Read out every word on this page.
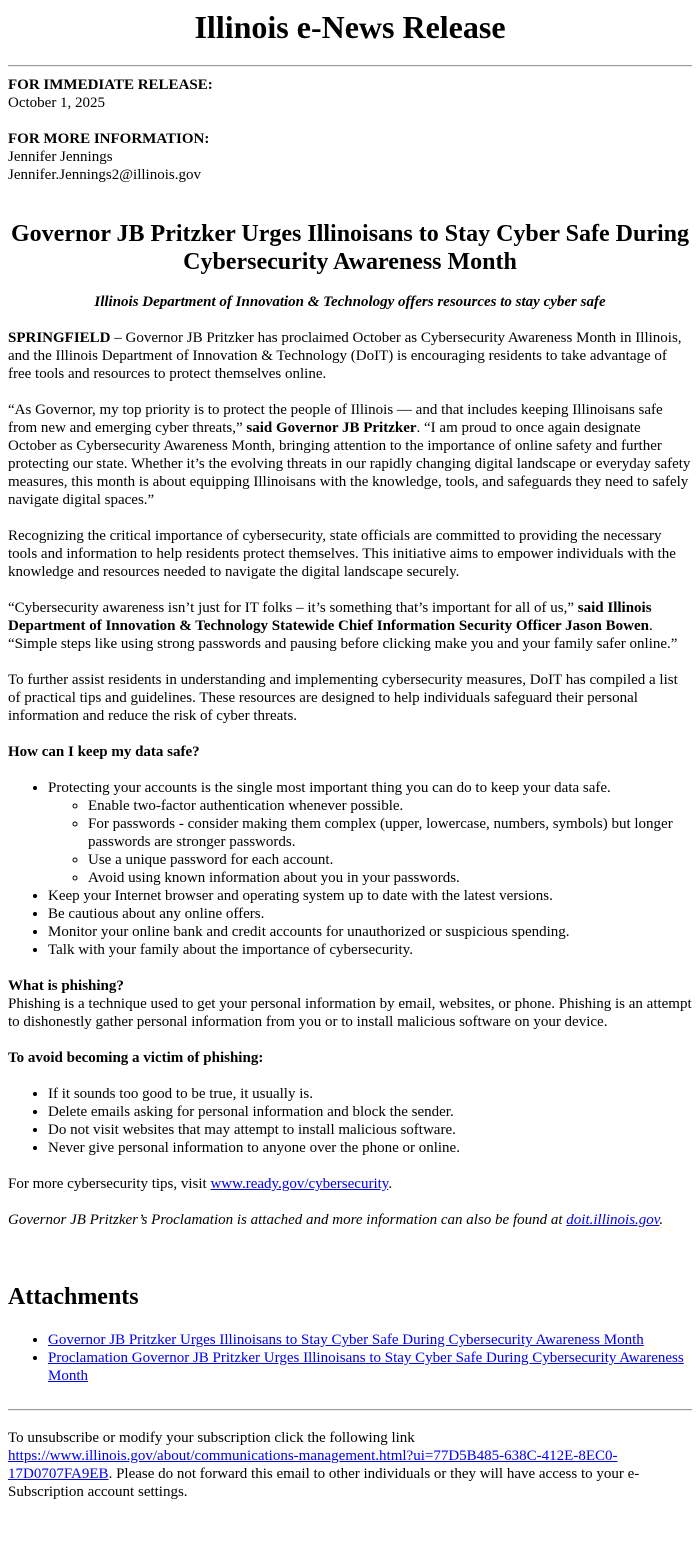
Illinois e-News Release
FOR IMMEDIATE RELEASE:
October 1, 2025
FOR MORE INFORMATION:
Jennifer Jennings
Jennifer.Jennings2@illinois.gov
Governor JB Pritzker Urges Illinoisans to Stay Cyber Safe During Cybersecurity Awareness Month

Illinois Department of Innovation & Technology offers resources to stay cyber safe

SPRINGFIELD – Governor JB Pritzker has proclaimed October as Cybersecurity Awareness Month in Illinois, and the Illinois Department of Innovation & Technology (DoIT) is encouraging residents to take advantage of free tools and resources to protect themselves online.

“As Governor, my top priority is to protect the people of Illinois — and that includes keeping Illinoisans safe from new and emerging cyber threats,” said Governor JB Pritzker. “I am proud to once again designate October as Cybersecurity Awareness Month, bringing attention to the importance of online safety and further protecting our state. Whether it’s the evolving threats in our rapidly changing digital landscape or everyday safety measures, this month is about equipping Illinoisans with the knowledge, tools, and safeguards they need to safely navigate digital spaces.”

Recognizing the critical importance of cybersecurity, state officials are committed to providing the necessary tools and information to help residents protect themselves. This initiative aims to empower individuals with the knowledge and resources needed to navigate the digital landscape securely.

“Cybersecurity awareness isn’t just for IT folks – it’s something that’s important for all of us,” said Illinois Department of Innovation & Technology Statewide Chief Information Security Officer Jason Bowen. “Simple steps like using strong passwords and pausing before clicking make you and your family safer online.”

To further assist residents in understanding and implementing cybersecurity measures, DoIT has compiled a list of practical tips and guidelines. These resources are designed to help individuals safeguard their personal information and reduce the risk of cyber threats.

How can I keep my data safe?
• Protecting your accounts is the single most important thing you can do to keep your data safe.
◦ Enable two-factor authentication whenever possible.
◦ For passwords - consider making them complex (upper, lowercase, numbers, symbols) but longer passwords are stronger passwords.
◦ Use a unique password for each account.
◦ Avoid using known information about you in your passwords.
• Keep your Internet browser and operating system up to date with the latest versions.
• Be cautious about any online offers.
• Monitor your online bank and credit accounts for unauthorized or suspicious spending.
• Talk with your family about the importance of cybersecurity.
What is phishing?
Phishing is a technique used to get your personal information by email, websites, or phone. Phishing is an attempt to dishonestly gather personal information from you or to install malicious software on your device.
To avoid becoming a victim of phishing:
• If it sounds too good to be true, it usually is.
• Delete emails asking for personal information and block the sender.
• Do not visit websites that may attempt to install malicious software.
• Never give personal information to anyone over the phone or online.

For more cybersecurity tips, visit www.ready.gov/cybersecurity.

Governor JB Pritzker’s Proclamation is attached and more information can also be found at doit.illinois.gov.

Attachments
• Governor JB Pritzker Urges Illinoisans to Stay Cyber Safe During Cybersecurity Awareness Month
• Proclamation Governor JB Pritzker Urges Illinoisans to Stay Cyber Safe During Cybersecurity Awareness Month

To unsubscribe or modify your subscription click the following link https://www.illinois.gov/about/communications-management.html?ui=77D5B485-638C-412E-8EC0-17D0707FA9EB. Please do not forward this email to other individuals or they will have access to your e-Subscription account settings.
